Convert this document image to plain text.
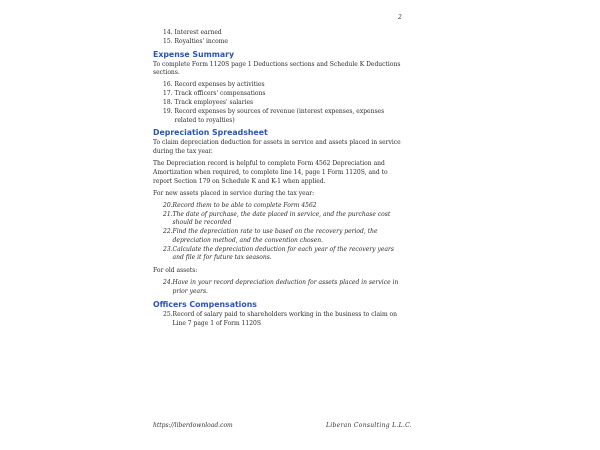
2
14. Interest earned
15. Royalties' income
Expense Summary

To complete Form 1120S page 1 Deductions sections and Schedule K Deductions sections.

16. Record expenses by activities
17. Track officers' compensations
18. Track employees' salaries
19. Record expenses by sources of revenue (interest expenses, expenses related to royalties)
Depreciation Spreadsheet

To claim depreciation deduction for assets in service and assets placed in service during the tax year.

The Depreciation record is helpful to complete Form 4562 Depreciation and Amortization when required, to complete line 14, page 1 Form 1120S, and to report Section 179 on Schedule K and K-1 when applied.

For new assets placed in service during the tax year:

20. Record them to be able to complete Form 4562
21. The date of purchase, the date placed in service, and the purchase cost should be recorded
22. Find the depreciation rate to use based on the recovery period, the depreciation method, and the convention chosen.
23. Calculate the depreciation deduction for each year of the recovery years and file it for future tax seasons.

For old assets:

24. Have in your record depreciation deduction for assets placed in service in prior years.
Officers Compensations
25. Record of salary paid to shareholders working in the business to claim on Line 7 page 1 of Form 1120S
https://liberdownload.com	Liberan Consulting L.L.C.
